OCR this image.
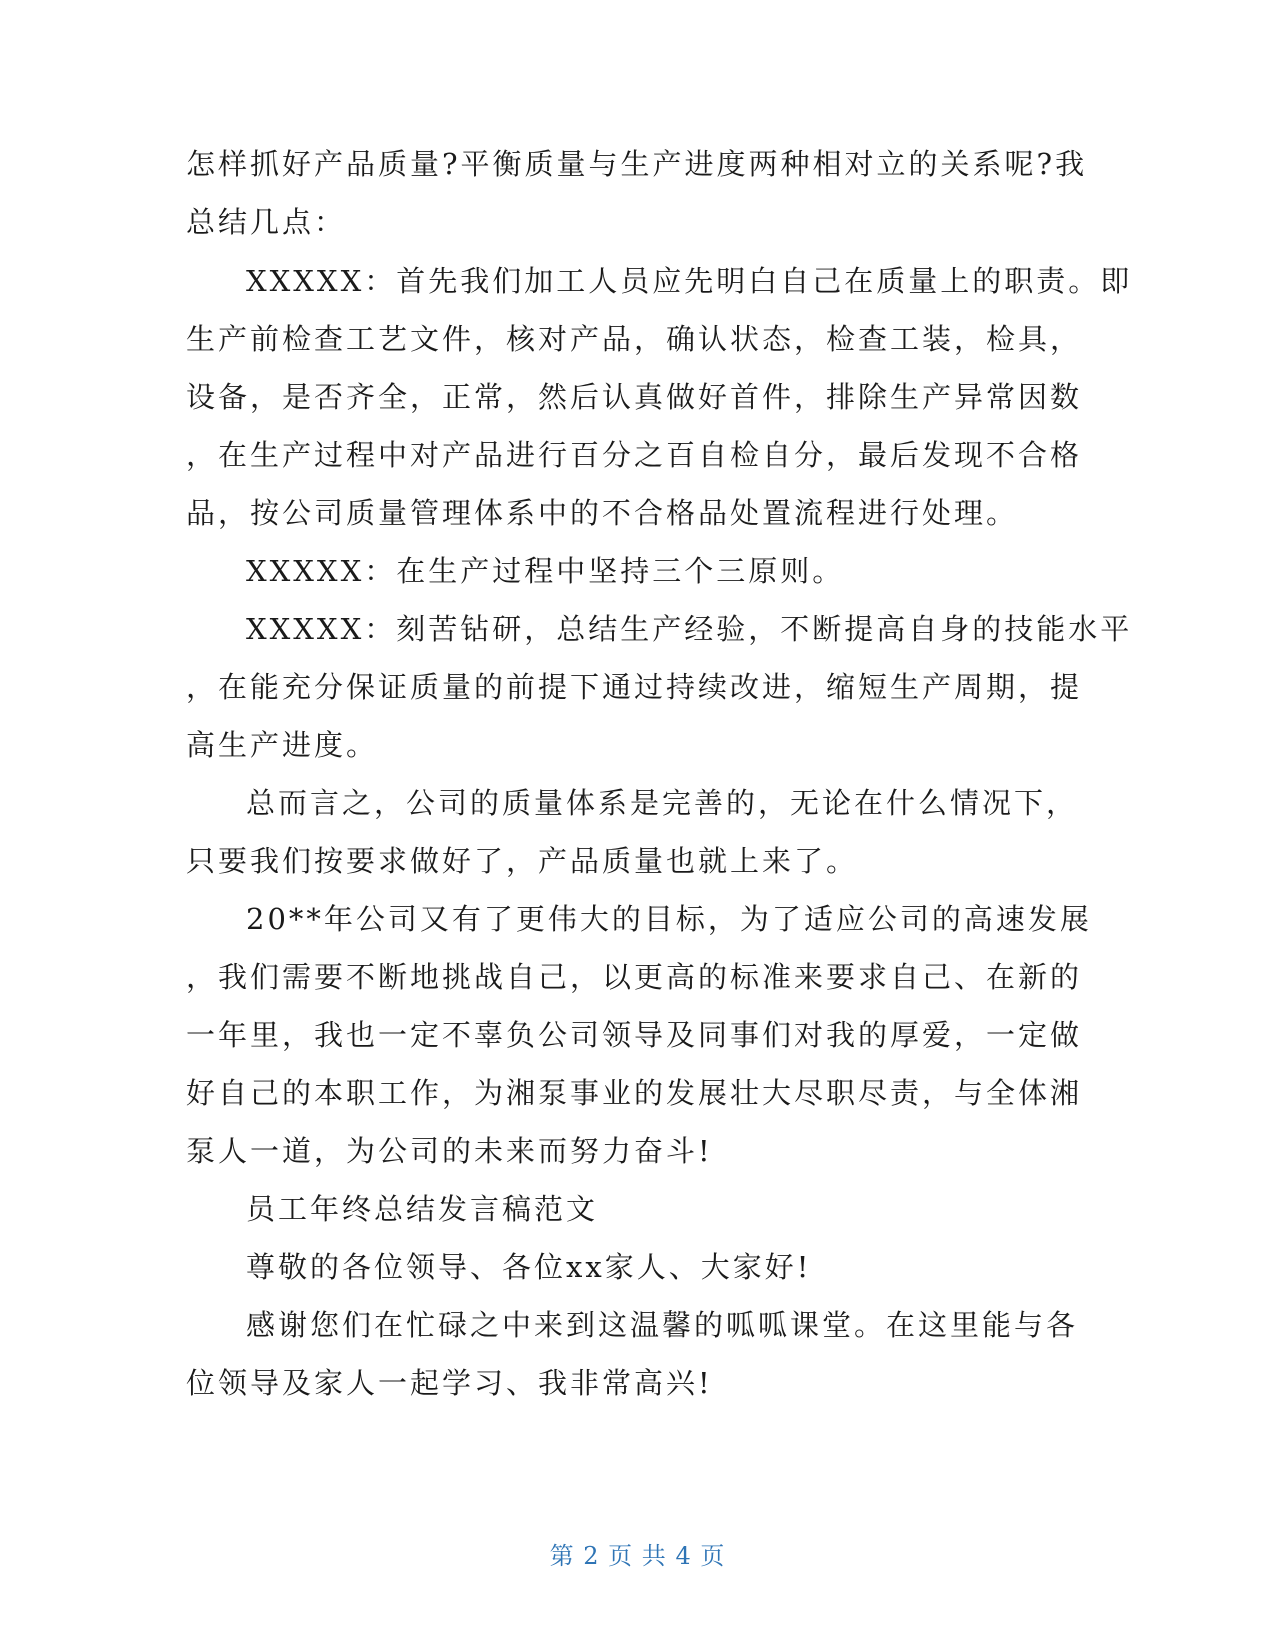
怎样抓好产品质量?平衡质量与生产进度两种相对立的关系呢?我
总结几点：
XXXXX：首先我们加工人员应先明白自己在质量上的职责。即
生产前检查工艺文件，核对产品，确认状态，检查工装，检具，
设备，是否齐全，正常，然后认真做好首件，排除生产异常因数
，在生产过程中对产品进行百分之百自检自分，最后发现不合格
品，按公司质量管理体系中的不合格品处置流程进行处理。
XXXXX：在生产过程中坚持三个三原则。
XXXXX：刻苦钻研，总结生产经验，不断提高自身的技能水平
，在能充分保证质量的前提下通过持续改进，缩短生产周期，提
高生产进度。
总而言之，公司的质量体系是完善的，无论在什么情况下，
只要我们按要求做好了，产品质量也就上来了。
20**年公司又有了更伟大的目标，为了适应公司的高速发展
，我们需要不断地挑战自己，以更高的标准来要求自己、在新的
一年里，我也一定不辜负公司领导及同事们对我的厚爱，一定做
好自己的本职工作，为湘泵事业的发展壮大尽职尽责，与全体湘
泵人一道，为公司的未来而努力奋斗!
员工年终总结发言稿范文
尊敬的各位领导、各位xx家人、大家好!
感谢您们在忙碌之中来到这温馨的呱呱课堂。在这里能与各
位领导及家人一起学习、我非常高兴!
第 2 页 共 4 页
